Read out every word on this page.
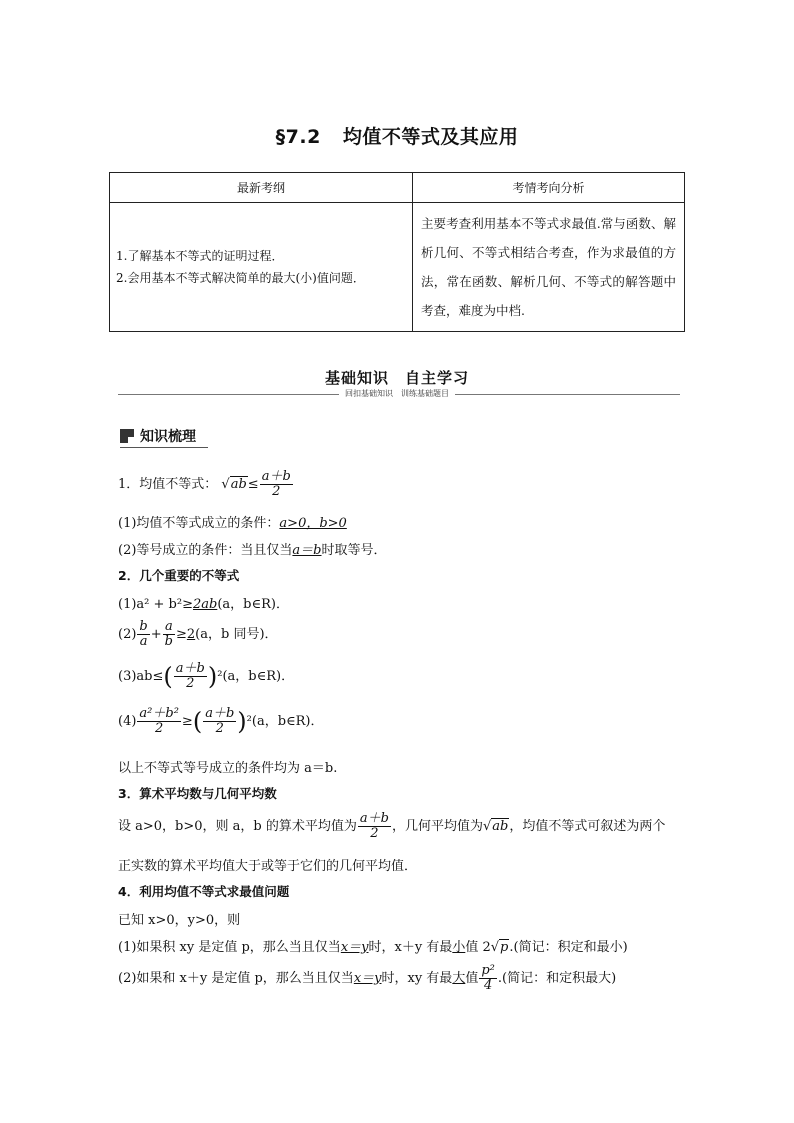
§7.2 均值不等式及其应用
最新考纲	考情考向分析

1.了解基本不等式的证明过程．
2.会用基本不等式解决简单的最大(小)值问题．	主要考查利用基本不等式求最值.常与函数、解析几何、不等式相结合考查，作为求最值的方法，常在函数、解析几何、不等式的解答题中考查，难度为中档.
基础知识　自主学习
回扣基础知识　训练基础题目
知识梳理
1．均值不等式： $√ab\le \frac{a+b}{2}$
(1)均值不等式成立的条件：a>0，b>0
(2)等号成立的条件：当且仅当a＝b时取等号．
2．几个重要的不等式
(1)a² + b²≥2ab(a，b∈R)．
$(2) \frac{b}{a} + \frac{a}{b} \ge 2(a$，b 同号)．
$(3)ab\le( \frac{a+b}{2} )^2(a$，b∈R)．
$(4) \frac{\text{a²＋b²}}{2}$ ≥( $\frac{a+b}{2} )^2(a$，b∈R)．
以上不等式等号成立的条件均为 a＝b.
3．算术平均数与几何平均数
设 a>0，b>0，则 a，b 的算术平均值为 $\frac{a+b}{2}$ ，几何平均值为√ab，均值不等式可叙述为两个
正实数的算术平均值大于或等于它们的几何平均值．
4．利用均值不等式求最值问题
已知 x>0，y>0，则
(1)如果积 xy 是定值 p，那么当且仅当x＝y时，x＋y 有最小值 2√p.(简记：积定和最小)
(2)如果和 x＋y 是定值 p，那么当且仅当x＝y时，xy 有最大值 $\frac{\text{p²}}{4}$ .(简记：和定积最大)
